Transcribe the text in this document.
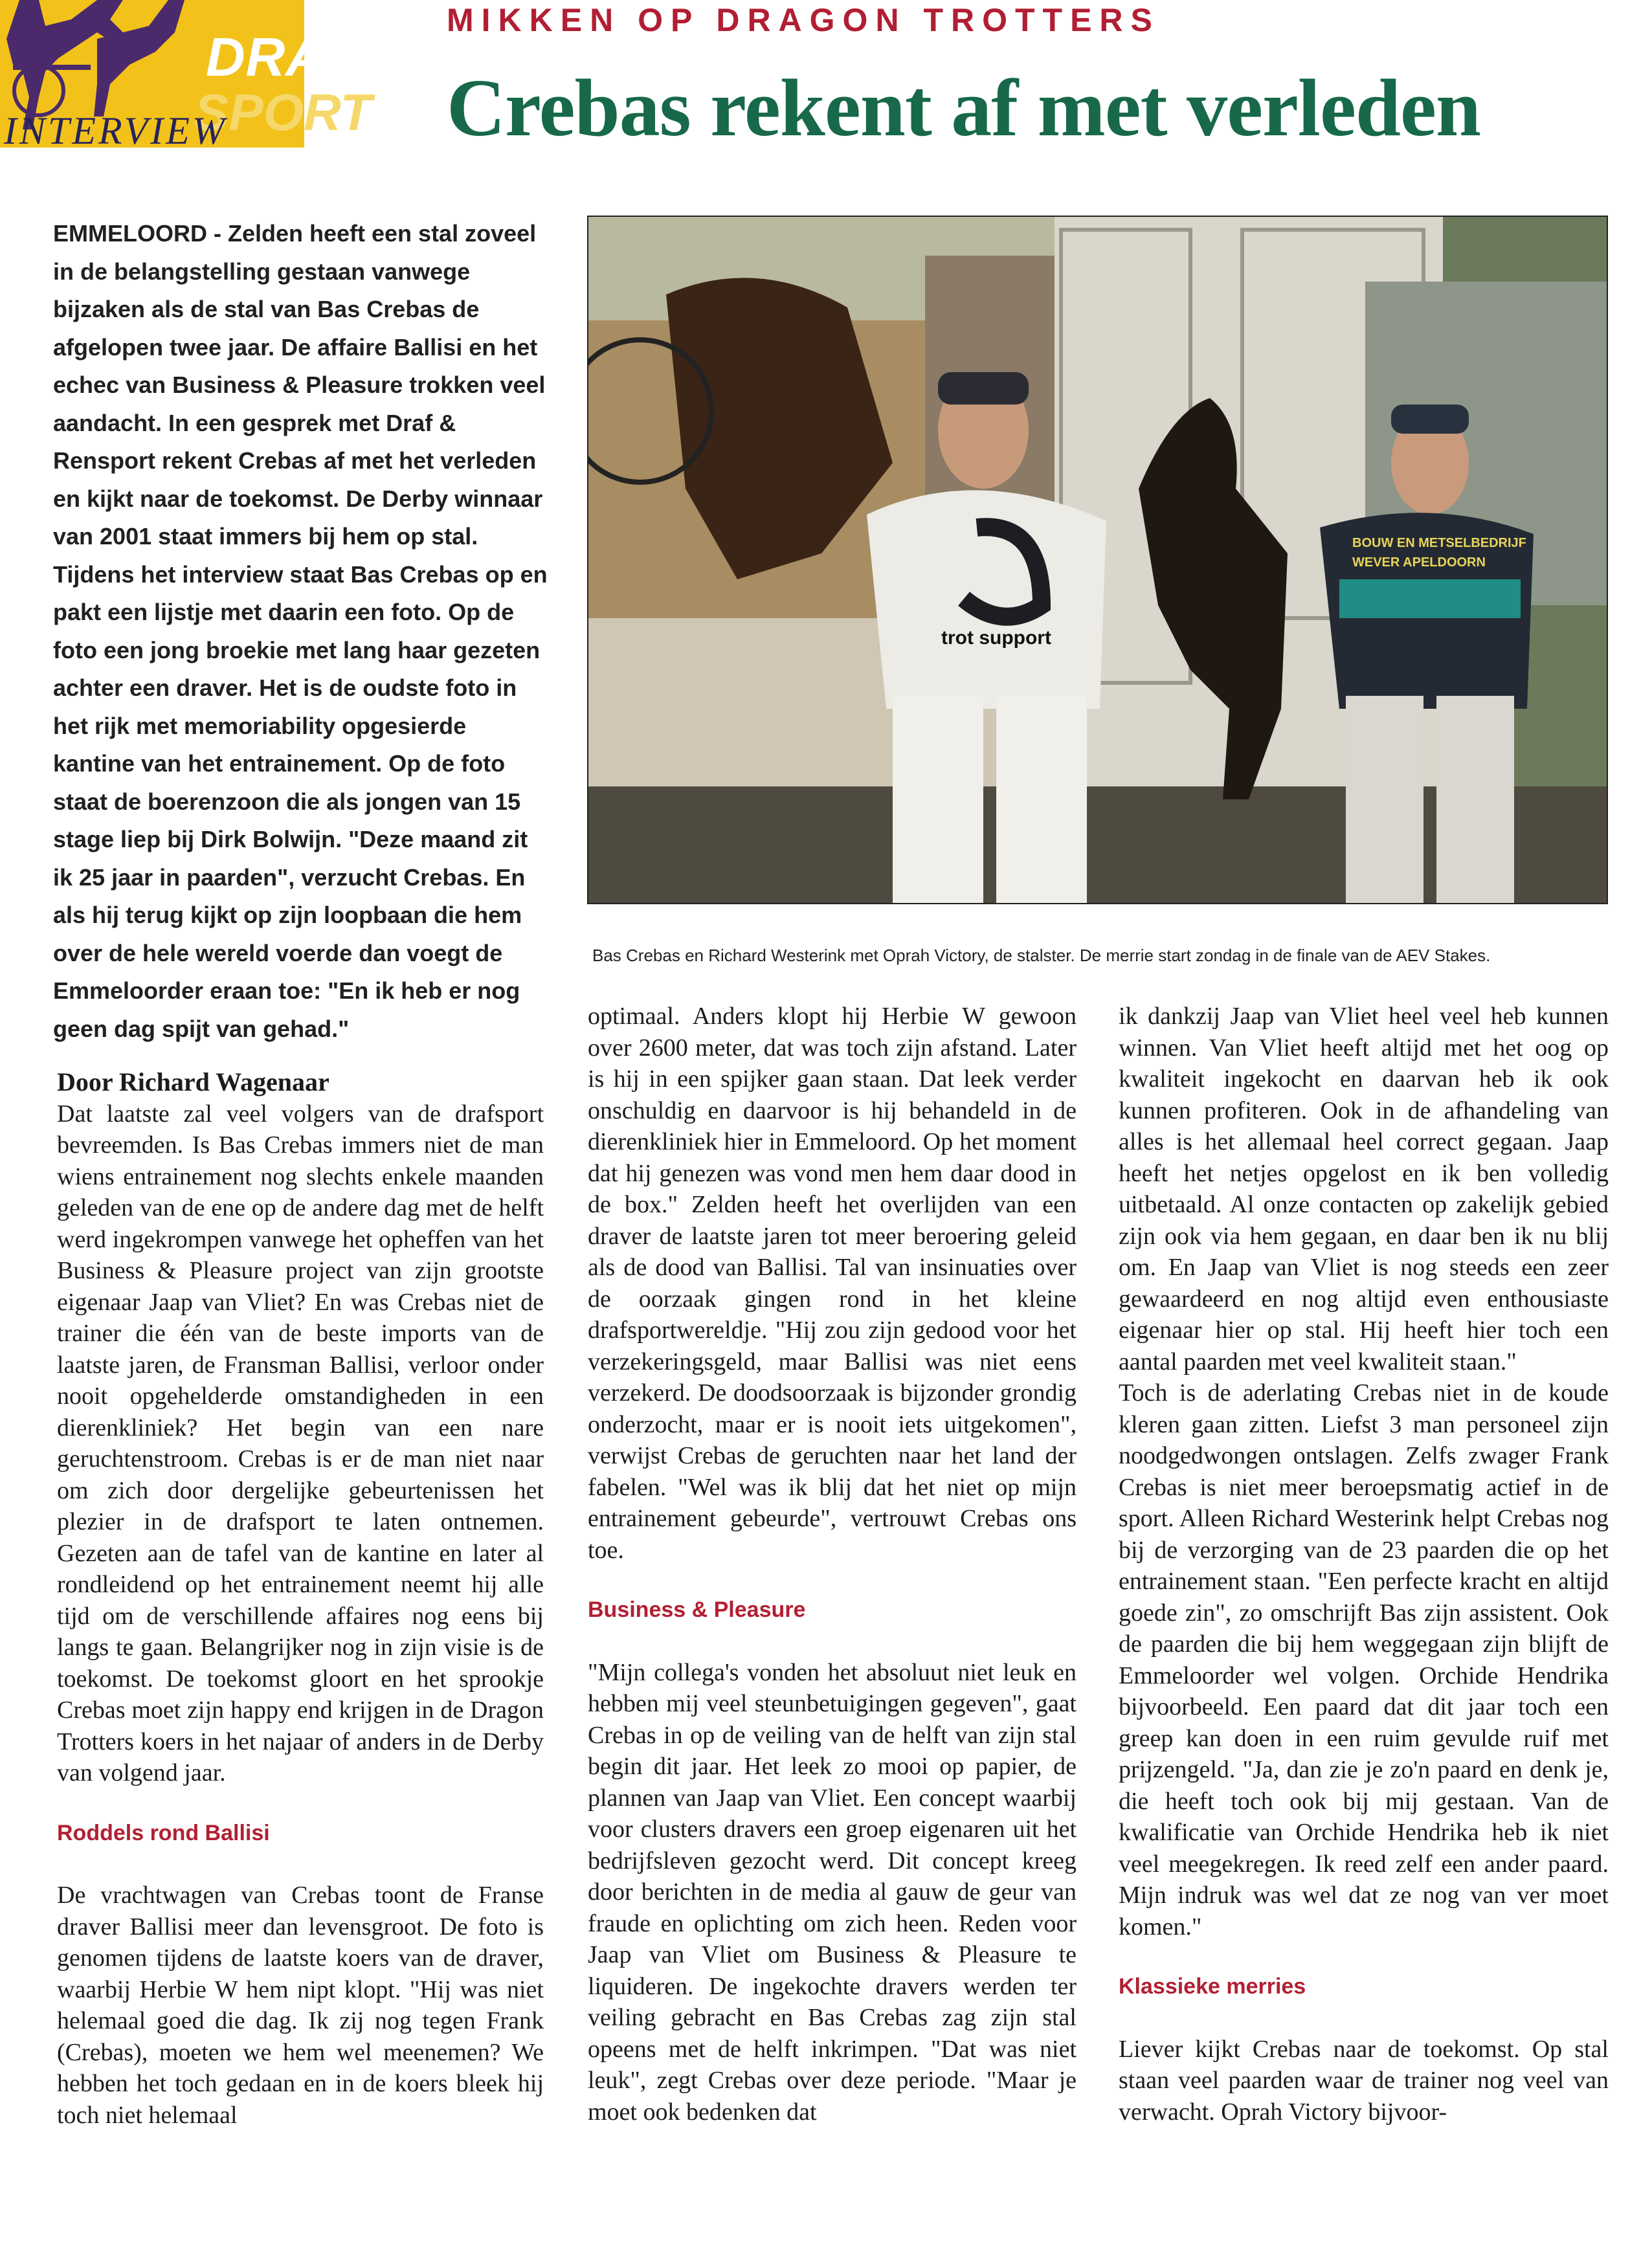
DRAF
SPORT
INTERVIEW
MIKKEN OP DRAGON TROTTERS
Crebas rekent af met verleden

EMMELOORD - Zelden heeft een stal zoveel in de belangstelling gestaan vanwege bijzaken als de stal van Bas Crebas de afgelopen twee jaar. De affaire Ballisi en het echec van Business & Pleasure trokken veel aandacht. In een gesprek met Draf & Rensport rekent Crebas af met het verleden en kijkt naar de toekomst. De Derby winnaar van 2001 staat immers bij hem op stal. Tijdens het interview staat Bas Crebas op en pakt een lijstje met daarin een foto. Op de foto een jong broekie met lang haar gezeten achter een draver. Het is de oudste foto in het rijk met memoriability opgesierde kantine van het entrainement. Op de foto staat de boerenzoon die als jongen van 15 stage liep bij Dirk Bolwijn. "Deze maand zit ik 25 jaar in paarden", verzucht Crebas. En als hij terug kijkt op zijn loopbaan die hem over de hele wereld voerde dan voegt de Emmeloorder eraan toe: "En ik heb er nog geen dag spijt van gehad."

trot support
BOUW EN METSELBEDRIJF
WEVER APELDOORN
Bas Crebas en Richard Westerink met Oprah Victory, de stalster. De merrie start zondag in de finale van de AEV Stakes.

Door Richard Wagenaar

Dat laatste zal veel volgers van de drafsport bevreemden. Is Bas Crebas immers niet de man wiens entrainement nog slechts enkele maanden geleden van de ene op de andere dag met de helft werd ingekrompen vanwege het opheffen van het Business & Pleasure project van zijn grootste eigenaar Jaap van Vliet? En was Crebas niet de trainer die één van de beste imports van de laatste jaren, de Fransman Ballisi, verloor onder nooit opgehelderde omstandigheden in een dierenkliniek? Het begin van een nare geruchtenstroom. Crebas is er de man niet naar om zich door dergelijke gebeurtenissen het plezier in de drafsport te laten ontnemen. Gezeten aan de tafel van de kantine en later al rondleidend op het entrainement neemt hij alle tijd om de verschillende affaires nog eens bij langs te gaan. Belangrijker nog in zijn visie is de toekomst. De toekomst gloort en het sprookje Crebas moet zijn happy end krijgen in de Dragon Trotters koers in het najaar of anders in de Derby van volgend jaar.

Roddels rond Ballisi

De vrachtwagen van Crebas toont de Franse draver Ballisi meer dan levensgroot. De foto is genomen tijdens de laatste koers van de draver, waarbij Herbie W hem nipt klopt. "Hij was niet helemaal goed die dag. Ik zij nog tegen Frank (Crebas), moeten we hem wel meenemen? We hebben het toch gedaan en in de koers bleek hij toch niet helemaal

optimaal. Anders klopt hij Herbie W gewoon over 2600 meter, dat was toch zijn afstand. Later is hij in een spijker gaan staan. Dat leek verder onschuldig en daarvoor is hij behandeld in de dierenkliniek hier in Emmeloord. Op het moment dat hij genezen was vond men hem daar dood in de box." Zelden heeft het overlijden van een draver de laatste jaren tot meer beroering geleid als de dood van Ballisi. Tal van insinuaties over de oorzaak gingen rond in het kleine drafsportwereldje. "Hij zou zijn gedood voor het verzekeringsgeld, maar Ballisi was niet eens verzekerd. De doodsoorzaak is bijzonder grondig onderzocht, maar er is nooit iets uitgekomen", verwijst Crebas de geruchten naar het land der fabelen. "Wel was ik blij dat het niet op mijn entrainement gebeurde", vertrouwt Crebas ons toe.

Business & Pleasure

"Mijn collega's vonden het absoluut niet leuk en hebben mij veel steunbetuigingen gegeven", gaat Crebas in op de veiling van de helft van zijn stal begin dit jaar. Het leek zo mooi op papier, de plannen van Jaap van Vliet. Een concept waarbij voor clusters dravers een groep eigenaren uit het bedrijfsleven gezocht werd. Dit concept kreeg door berichten in de media al gauw de geur van fraude en oplichting om zich heen. Reden voor Jaap van Vliet om Business & Pleasure te liquideren. De ingekochte dravers werden ter veiling gebracht en Bas Crebas zag zijn stal opeens met de helft inkrimpen. "Dat was niet leuk", zegt Crebas over deze periode. "Maar je moet ook bedenken dat

ik dankzij Jaap van Vliet heel veel heb kunnen winnen. Van Vliet heeft altijd met het oog op kwaliteit ingekocht en daarvan heb ik ook kunnen profiteren. Ook in de afhandeling van alles is het allemaal heel correct gegaan. Jaap heeft het netjes opgelost en ik ben volledig uitbetaald. Al onze contacten op zakelijk gebied zijn ook via hem gegaan, en daar ben ik nu blij om. En Jaap van Vliet is nog steeds een zeer gewaardeerd en nog altijd even enthousiaste eigenaar hier op stal. Hij heeft hier toch een aantal paarden met veel kwaliteit staan."

Toch is de aderlating Crebas niet in de koude kleren gaan zitten. Liefst 3 man personeel zijn noodgedwongen ontslagen. Zelfs zwager Frank Crebas is niet meer beroepsmatig actief in de sport. Alleen Richard Westerink helpt Crebas nog bij de verzorging van de 23 paarden die op het entrainement staan. "Een perfecte kracht en altijd goede zin", zo omschrijft Bas zijn assistent. Ook de paarden die bij hem weggegaan zijn blijft de Emmeloorder wel volgen. Orchide Hendrika bijvoorbeeld. Een paard dat dit jaar toch een greep kan doen in een ruim gevulde ruif met prijzengeld. "Ja, dan zie je zo'n paard en denk je, die heeft toch ook bij mij gestaan. Van de kwalificatie van Orchide Hendrika heb ik niet veel meegekregen. Ik reed zelf een ander paard. Mijn indruk was wel dat ze nog van ver moet komen."

Klassieke merries

Liever kijkt Crebas naar de toekomst. Op stal staan veel paarden waar de trainer nog veel van verwacht. Oprah Victory bijvoor-
